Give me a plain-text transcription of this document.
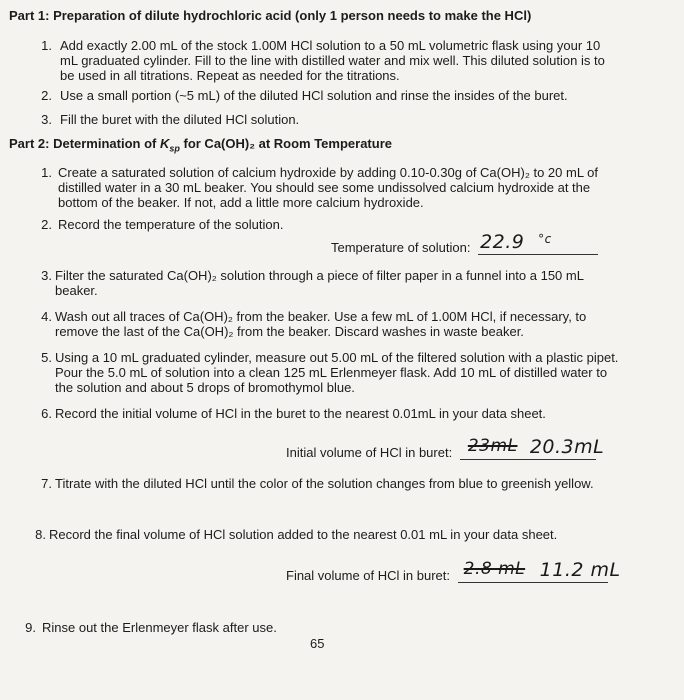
Part 1: Preparation of dilute hydrochloric acid (only 1 person needs to make the HCl)
1. Add exactly 2.00 mL of the stock 1.00M HCl solution to a 50 mL volumetric flask using your 10 mL graduated cylinder. Fill to the line with distilled water and mix well. This diluted solution is to be used in all titrations. Repeat as needed for the titrations.
2. Use a small portion (~5 mL) of the diluted HCl solution and rinse the insides of the buret.
3. Fill the buret with the diluted HCl solution.
Part 2: Determination of $K_{sp}$ for Ca(OH)₂ at Room Temperature
1. Create a saturated solution of calcium hydroxide by adding 0.10-0.30g of Ca(OH)₂ to 20 mL of distilled water in a 30 mL beaker. You should see some undissolved calcium hydroxide at the bottom of the beaker. If not, add a little more calcium hydroxide.
2. Record the temperature of the solution.
Temperature of solution: 22.9 °c
3. Filter the saturated Ca(OH)₂ solution through a piece of filter paper in a funnel into a 150 mL beaker.
4. Wash out all traces of Ca(OH)₂ from the beaker. Use a few mL of 1.00M HCl, if necessary, to remove the last of the Ca(OH)₂ from the beaker. Discard washes in waste beaker.
5. Using a 10 mL graduated cylinder, measure out 5.00 mL of the filtered solution with a plastic pipet. Pour the 5.0 mL of solution into a clean 125 mL Erlenmeyer flask. Add 10 mL of distilled water to the solution and about 5 drops of bromothymol blue.
6. Record the initial volume of HCl in the buret to the nearest 0.01mL in your data sheet.
Initial volume of HCl in buret: 23mL 20.3mL
7. Titrate with the diluted HCl until the color of the solution changes from blue to greenish yellow.
8. Record the final volume of HCl solution added to the nearest 0.01 mL in your data sheet.
Final volume of HCl in buret: 2.8 mL 11.2 mL
9. Rinse out the Erlenmeyer flask after use.
65
